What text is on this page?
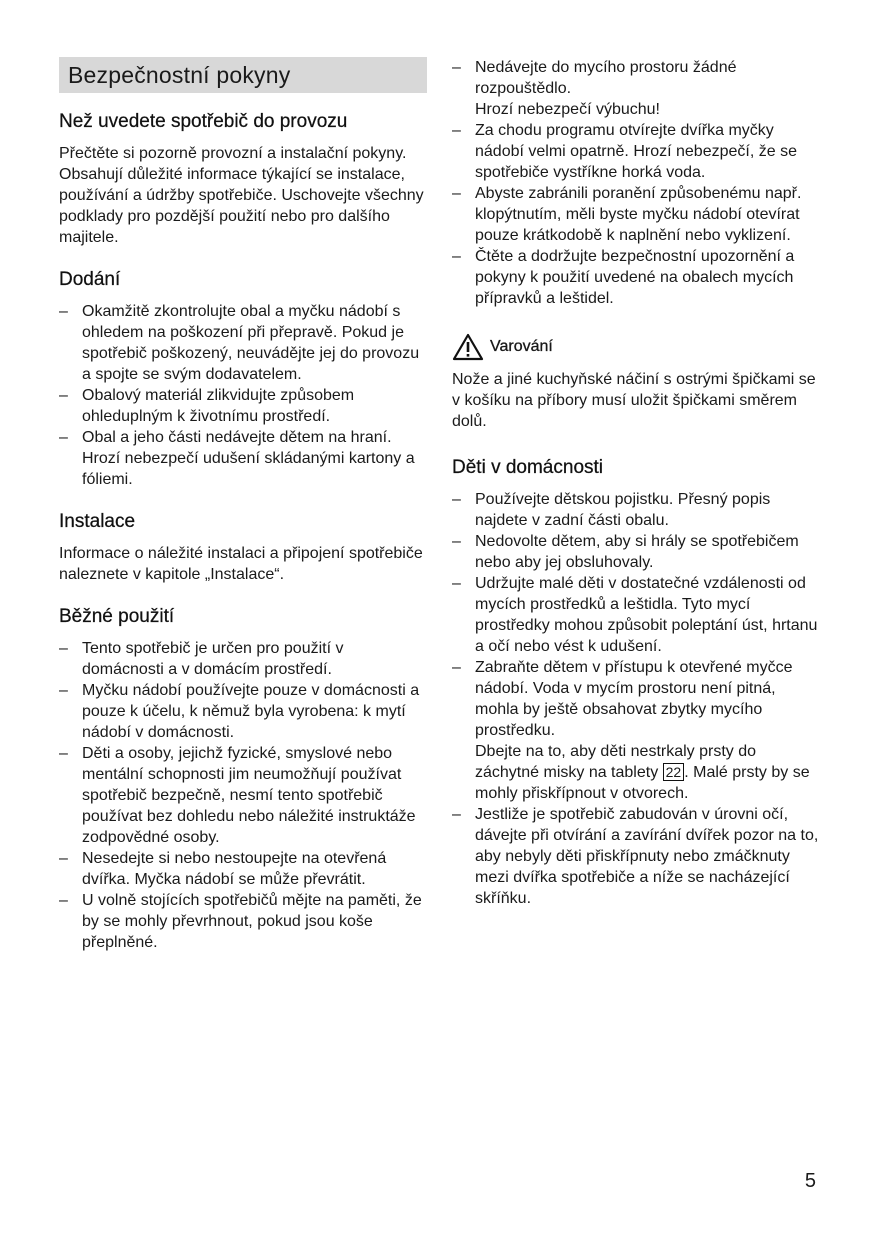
Bezpečnostní pokyny
Než uvedete spotřebič do provozu

Přečtěte si pozorně provozní a instalační pokyny. Obsahují důležité informace týkající se instalace, používání a údržby spotřebiče. Uschovejte všechny podklady pro pozdější použití nebo pro dalšího majitele.

Dodání
– Okamžitě zkontrolujte obal a myčku nádobí s ohledem na poškození při přepravě. Pokud je spotřebič poškozený, neuvádějte jej do provozu a spojte se svým dodavatelem.
– Obalový materiál zlikvidujte způsobem ohleduplným k životnímu prostředí.
– Obal a jeho části nedávejte dětem na hraní. Hrozí nebezpečí udušení skládanými kartony a fóliemi.
Instalace

Informace o náležité instalaci a připojení spotřebiče naleznete v kapitole „Instalace“.

Běžné použití
– Tento spotřebič je určen pro použití v domácnosti a v domácím prostředí.
– Myčku nádobí používejte pouze v domácnosti a pouze k účelu, k němuž byla vyrobena: k mytí nádobí v domácnosti.
– Děti a osoby, jejichž fyzické, smyslové nebo mentální schopnosti jim neumožňují používat spotřebič bezpečně, nesmí tento spotřebič používat bez dohledu nebo náležité instruktáže zodpovědné osoby.
– Nesedejte si nebo nestoupejte na otevřená dvířka. Myčka nádobí se může převrátit.
– U volně stojících spotřebičů mějte na paměti, že by se mohly převrhnout, pokud jsou koše přeplněné.
– Nedávejte do mycího prostoru žádné rozpouštědlo.
Hrozí nebezpečí výbuchu!
– Za chodu programu otvírejte dvířka myčky nádobí velmi opatrně. Hrozí nebezpečí, že se spotřebiče vystříkne horká voda.
– Abyste zabránili poranění způsobenému např. klopýtnutím, měli byste myčku nádobí otevírat pouze krátkodobě k naplnění nebo vyklizení.
– Čtěte a dodržujte bezpečnostní upozornění a pokyny k použití uvedené na obalech mycích přípravků a leštidel.
Varování

Nože a jiné kuchyňské náčiní s ostrými špičkami se v košíku na příbory musí uložit špičkami směrem dolů.

Děti v domácnosti
– Používejte dětskou pojistku. Přesný popis najdete v zadní části obalu.
– Nedovolte dětem, aby si hrály se spotřebičem nebo aby jej obsluhovaly.
– Udržujte malé děti v dostatečné vzdálenosti od mycích prostředků a leštidla. Tyto mycí prostředky mohou způsobit poleptání úst, hrtanu a očí nebo vést k udušení.
– Zabraňte dětem v přístupu k otevřené myčce nádobí. Voda v mycím prostoru není pitná, mohla by ještě obsahovat zbytky mycího prostředku.
Dbejte na to, aby děti nestrkaly prsty do záchytné misky na tablety 22 . Malé prsty by se mohly přiskřípnout v otvorech.
– Jestliže je spotřebič zabudován v úrovni očí, dávejte při otvírání a zavírání dvířek pozor na to, aby nebyly děti přiskřípnuty nebo zmáčknuty mezi dvířka spotřebiče a níže se nacházející skříňku.
5
